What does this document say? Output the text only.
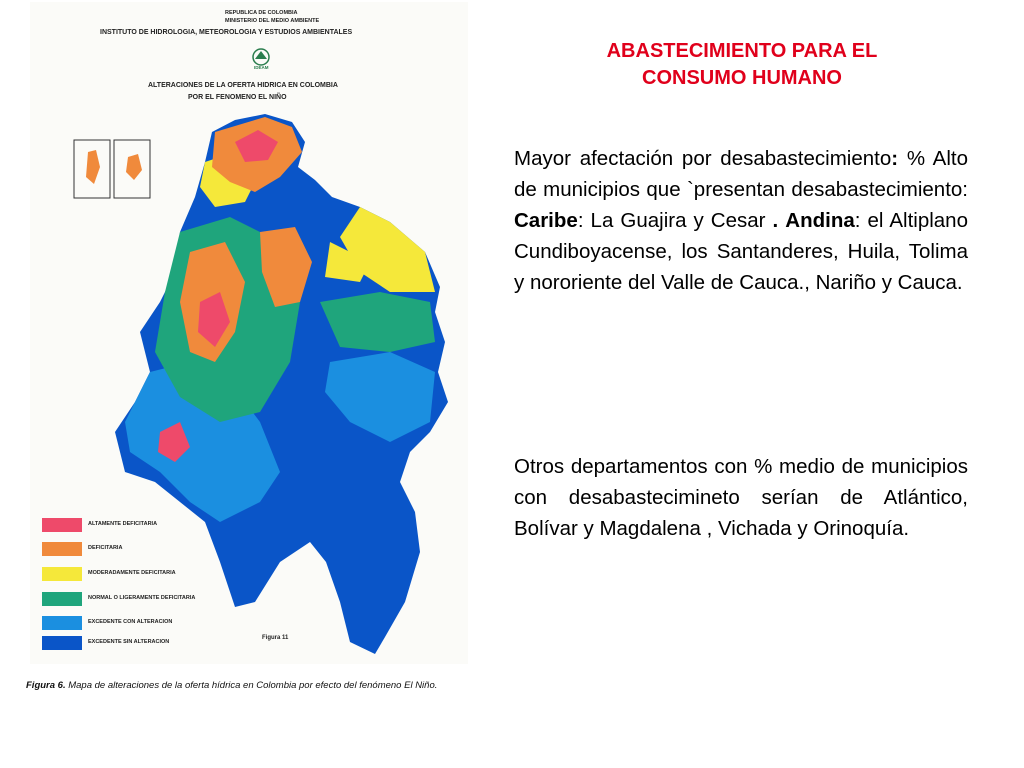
REPUBLICA DE COLOMBIA
MINISTERIO DEL MEDIO AMBIENTE
INSTITUTO DE HIDROLOGIA, METEOROLOGIA Y ESTUDIOS AMBIENTALES
IDEAM
ALTERACIONES DE LA OFERTA HIDRICA EN COLOMBIA
POR EL FENOMENO EL NIÑO
ALTAMENTE DEFICITARIA
DEFICITARIA
MODERADAMENTE DEFICITARIA
NORMAL O LIGERAMENTE DEFICITARIA
EXCEDENTE CON ALTERACION
EXCEDENTE SIN ALTERACION
Figura 11
Figura 6. Mapa de alteraciones de la oferta hídrica en Colombia por efecto del fenómeno El Niño.
ABASTECIMIENTO PARA EL
CONSUMO HUMANO
Mayor afectación por desabastecimiento: % Alto de municipios que `presentan desabastecimiento: Caribe: La Guajira y Cesar . Andina: el Altiplano Cundiboyacense, los Santanderes, Huila, Tolima y nororiente del Valle de Cauca., Nariño y Cauca.
Otros departamentos con % medio de municipios con desabastecimineto serían de Atlántico, Bolívar y Magdalena , Vichada y Orinoquía.
